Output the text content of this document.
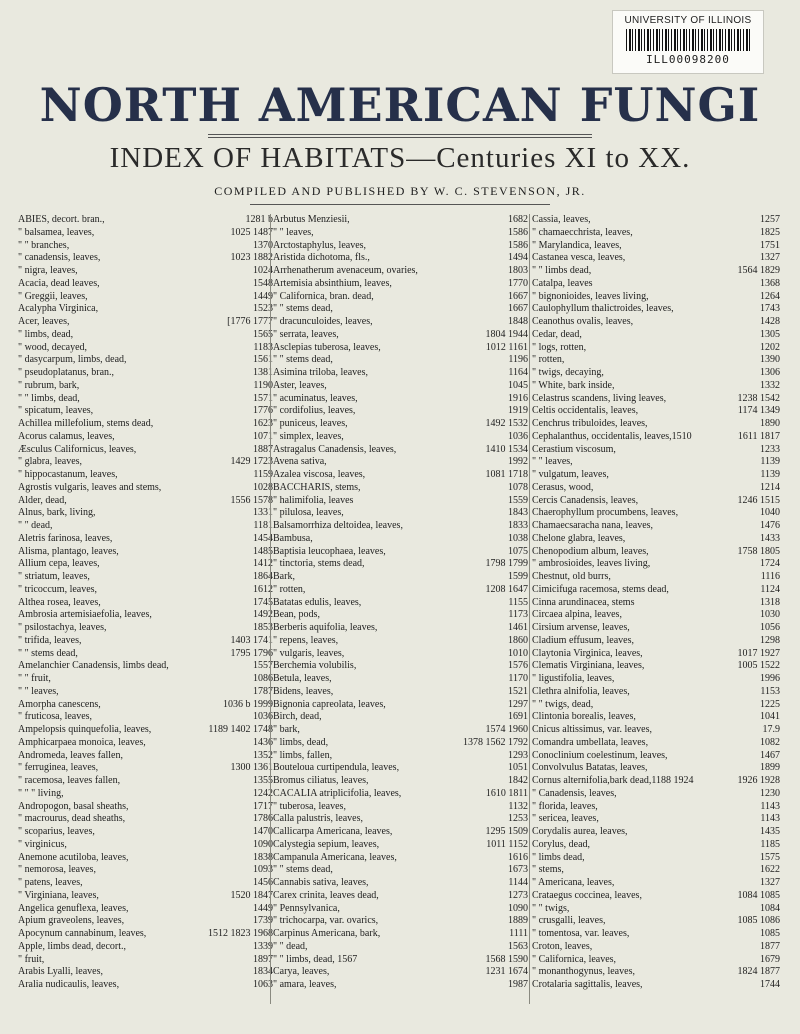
UNIVERSITY OF ILLINOIS
ILL00098200
NORTH AMERICAN FUNGI
INDEX OF HABITATS—Centuries XI to XX.
COMPILED AND PUBLISHED BY W. C. STEVENSON, JR.
ABIES, decort. bran.,	1281 b
" balsamea, leaves,	1025 1487
" " branches,	1370
" canadensis, leaves,	1023 1882
" nigra, leaves,	1024
Acacia, dead leaves,	1548
" Greggii, leaves,	1449
Acalypha Virginica,	1523
Acer, leaves,	[1776 1777
" limbs, dead,	1565
" wood, decayed,	1183
" dasycarpum, limbs, dead,	1561
" pseudoplatanus, bran.,	1381
" rubrum, bark,	1190
" " limbs, dead,	1571
" spicatum, leaves,	1776
Achillea millefolium, stems dead,	1623
Acorus calamus, leaves,	1071
Æsculus Californicus, leaves,	1887
" glabra, leaves,	1429 1723
" hippocastanum, leaves,	1159
Agrostis vulgaris, leaves and stems,	1028
Alder, dead,	1556 1578
Alnus, bark, living,	1331
" " dead,	1181
Aletris farinosa, leaves,	1454
Alisma, plantago, leaves,	1485
Allium cepa, leaves,	1412
" striatum, leaves,	1864
" tricoccum, leaves,	1612
Althea rosea, leaves,	1745
Ambrosia artemisiaefolia, leaves,	1492
" psilostachya, leaves,	1853
" trifida, leaves,	1403 1741
" " stems dead,	1795 1796
Amelanchier Canadensis, limbs dead,	1557
" " fruit,	1086
" " leaves,	1787
Amorpha canescens,	1036 b 1999
" fruticosa, leaves,	1036
Ampelopsis quinquefolia, leaves,	1189 1402 1748
Amphicarpaea monoica, leaves,	1436
Andromeda, leaves fallen,	1352
" ferruginea, leaves,	1300 1361
" racemosa, leaves fallen,	1355
" " " living,	1242
Andropogon, basal sheaths,	1717
" macrourus, dead sheaths,	1786
" scoparius, leaves,	1470
" virginicus,	1090
Anemone acutiloba, leaves,	1838
" nemorosa, leaves,	1093
" patens, leaves,	1456
" Virginiana, leaves,	1520 1847
Angelica genuflexa, leaves,	1449
Apium graveolens, leaves,	1739
Apocynum cannabinum, leaves,	1512 1823 1968
Apple, limbs dead, decort.,	1339
" fruit,	1897
Arabis Lyalli, leaves,	1834
Aralia nudicaulis, leaves,	1063
Arbutus Menziesii,	1682
" " leaves,	1586
Arctostaphylus, leaves,	1586
Aristida dichotoma, fls.,	1494
Arrhenatherum avenaceum, ovaries,	1803
Artemisia absinthium, leaves,	1770
" Californica, bran. dead,	1667
" " stems dead,	1667
" dracunculoides, leaves,	1848
" serrata, leaves,	1804 1944
Asclepias tuberosa, leaves,	1012 1161
" " stems dead,	1196
Asimina triloba, leaves,	1164
Aster, leaves,	1045
" acuminatus, leaves,	1916
" cordifolius, leaves,	1919
" puniceus, leaves,	1492 1532
" simplex, leaves,	1036
Astragalus Canadensis, leaves,	1410 1534
Avena sativa,	1992
Azalea viscosa, leaves,	1081 1718
BACCHARIS, stems,	1078
" halimifolia, leaves	1559
" pilulosa, leaves,	1843
Balsamorrhiza deltoidea, leaves,	1833
Bambusa,	1038
Baptisia leucophaea, leaves,	1075
" tinctoria, stems dead,	1798 1799
Bark,	1599
" rotten,	1208 1647
Batatas edulis, leaves,	1155
Bean, pods,	1173
Berberis aquifolia, leaves,	1461
" repens, leaves,	1860
" vulgaris, leaves,	1010
Berchemia volubilis,	1576
Betula, leaves,	1170
Bidens, leaves,	1521
Bignonia capreolata, leaves,	1297
Birch, dead,	1691
" bark,	1574 1960
" limbs, dead,	1378 1562 1792
" limbs, fallen,	1293
Bouteloua curtipendula, leaves,	1051
Bromus ciliatus, leaves,	1842
CACALIA atriplicifolia, leaves,	1610 1811
" tuberosa, leaves,	1132
Calla palustris, leaves,	1253
Callicarpa Americana, leaves,	1295 1509
Calystegia sepium, leaves,	1011 1152
Campanula Americana, leaves,	1616
" " stems dead,	1673
Cannabis sativa, leaves,	1144
Carex crinita, leaves dead,	1273
" Pennsylvanica,	1090
" trichocarpa, var. ovarics,	1889
Carpinus Americana, bark,	1111
" " dead,	1563
" " limbs, dead, 1567	1568 1590
Carya, leaves,	1231 1674
" amara, leaves,	1987
Cassia, leaves,	1257
" chamaecchrista, leaves,	1825
" Marylandica, leaves,	1751
Castanea vesca, leaves,	1327
" " limbs dead,	1564 1829
Catalpa, leaves	1368
" bignonioides, leaves living,	1264
Caulophyllum thalictroides, leaves,	1743
Ceanothus ovalis, leaves,	1428
Cedar, dead,	1305
" logs, rotten,	1202
" rotten,	1390
" twigs, decaying,	1306
" White, bark inside,	1332
Celastrus scandens, living leaves,	1238 1542
Celtis occidentalis, leaves,	1174 1349
Cenchrus tribuloides, leaves,	1890
Cephalanthus, occidentalis, leaves,1510	1611 1817
Cerastium viscosum,	1233
" " leaves,	1139
" vulgatum, leaves,	1139
Cerasus, wood,	1214
Cercis Canadensis, leaves,	1246 1515
Chaerophyllum procumbens, leaves,	1040
Chamaecsaracha nana, leaves,	1476
Chelone glabra, leaves,	1433
Chenopodium album, leaves,	1758 1805
" ambrosioides, leaves living,	1724
Chestnut, old burrs,	1116
Cimicifuga racemosa, stems dead,	1124
Cinna arundinacea, stems	1318
Circaea alpina, leaves,	1030
Cirsium arvense, leaves,	1056
Cladium effusum, leaves,	1298
Claytonia Virginica, leaves,	1017 1927
Clematis Virginiana, leaves,	1005 1522
" ligustifolia, leaves,	1996
Clethra alnifolia, leaves,	1153
" " twigs, dead,	1225
Clintonia borealis, leaves,	1041
Cnicus altissimus, var. leaves,	17.9
Comandra umbellata, leaves,	1082
Conoclinium coelestinum, leaves,	1467
Convolvulus Batatas, leaves,	1899
Cornus alternifolia,bark dead,1188 1924	1926 1928
" Canadensis, leaves,	1230
" florida, leaves,	1143
" sericea, leaves,	1143
Corydalis aurea, leaves,	1435
Corylus, dead,	1185
" limbs dead,	1575
" stems,	1622
" Americana, leaves,	1327
Crataegus coccinea, leaves,	1084 1085
" " twigs,	1084
" crusgalli, leaves,	1085 1086
" tomentosa, var. leaves,	1085
Croton, leaves,	1877
" Californica, leaves,	1679
" monanthogynus, leaves,	1824 1877
Crotalaria sagittalis, leaves,	1744
